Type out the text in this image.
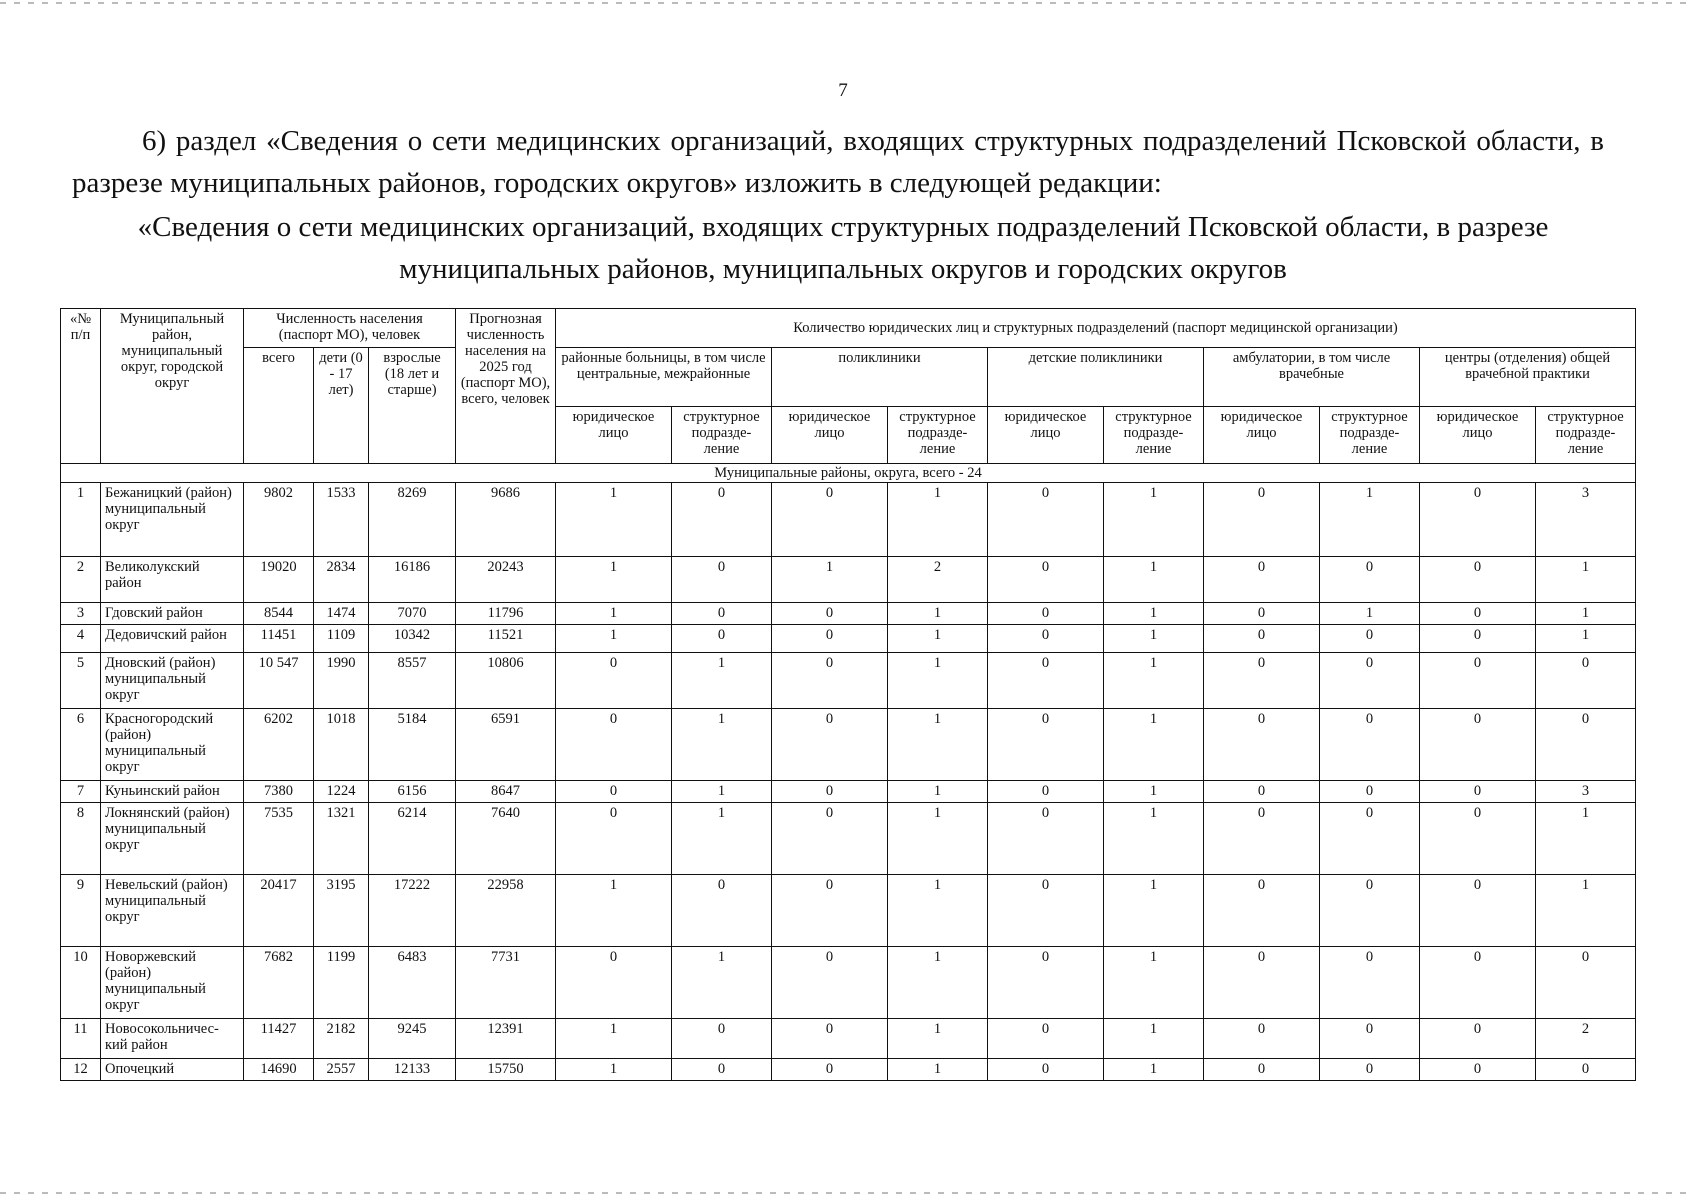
7
6) раздел «Сведения о сети медицинских организаций, входящих структурных подразделений Псковской области, в разрезе муниципальных районов, городских округов» изложить в следующей редакции:
«Сведения о сети медицинских организаций, входящих структурных подразделений Псковской области, в разрезе муниципальных районов, муниципальных округов и городских округов
«№ п/п	Муниципальный район, муниципальный округ, городской округ	Численность населения (паспорт МО), человек			Прогнозная численность населения на 2025 год (паспорт МО), всего, человек	Количество юридических лиц и структурных подразделений (паспорт медицинской организации)									
		всего	дети (0 - 17 лет)	взрослые (18 лет и старше)		районные больницы, в том числе центральные, межрайонные		поликлиники		детские поликлиники		амбулатории, в том числе врачебные		центры (отделения) общей врачебной практики	
						юридическое лицо	структурное подразде-ление	юридическое лицо	структурное подразде-ление	юридическое лицо	структурное подразде-ление	юридическое лицо	структурное подразде-ление	юридическое лицо	структурное подразде-ление
Муниципальные районы, округа, всего - 24															
1	Бежаницкий (район) муниципальный округ	9802	1533	8269	9686	1	0	0	1	0	1	0	1	0	3
2	Великолукский район	19020	2834	16186	20243	1	0	1	2	0	1	0	0	0	1
3	Гдовский район	8544	1474	7070	11796	1	0	0	1	0	1	0	1	0	1
4	Дедовичский район	11451	1109	10342	11521	1	0	0	1	0	1	0	0	0	1
5	Дновский (район) муниципальный округ	10 547	1990	8557	10806	0	1	0	1	0	1	0	0	0	0
6	Красногородский (район) муниципальный округ	6202	1018	5184	6591	0	1	0	1	0	1	0	0	0	0
7	Куньинский район	7380	1224	6156	8647	0	1	0	1	0	1	0	0	0	3
8	Локнянский (район) муниципальный округ	7535	1321	6214	7640	0	1	0	1	0	1	0	0	0	1
9	Невельский (район) муниципальный округ	20417	3195	17222	22958	1	0	0	1	0	1	0	0	0	1
10	Новоржевский (район) муниципальный округ	7682	1199	6483	7731	0	1	0	1	0	1	0	0	0	0
11	Новосокольничес-кий район	11427	2182	9245	12391	1	0	0	1	0	1	0	0	0	2
12	Опочецкий	14690	2557	12133	15750	1	0	0	1	0	1	0	0	0	0
